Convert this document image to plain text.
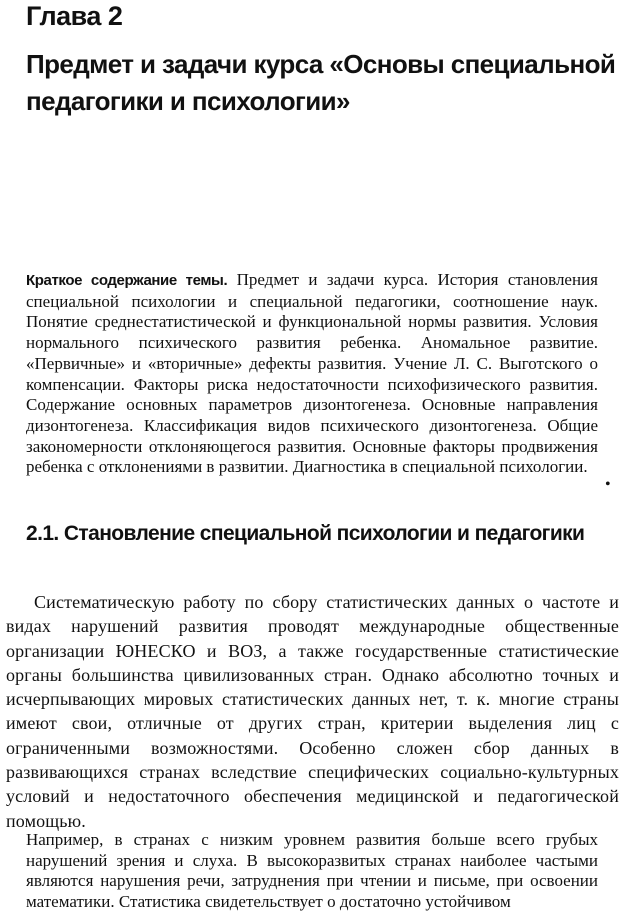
Глава 2
Предмет и задачи курса «Основы специальной педагогики и психологии»
Краткое содержание темы. Предмет и задачи курса. История становления специальной психологии и специальной педагогики, соотношение наук. Понятие среднестатистической и функциональной нормы развития. Условия нормального психического развития ребенка. Аномальное развитие. «Первичные» и «вторичные» дефекты развития. Учение Л. С. Выготского о компенсации. Факторы риска недостаточности психофизического развития. Содержание основных параметров дизонтогенеза. Основные направления дизонтогенеза. Классификация видов психического дизонтогенеза. Общие закономерности отклоняющегося развития. Основные факторы продвижения ребенка с отклонениями в развитии. Диагностика в специальной психологии.
•
2.1. Становление специальной психологии и педагогики
Систематическую работу по сбору статистических данных о частоте и видах нарушений развития проводят международные общественные организации ЮНЕСКО и ВОЗ, а также государственные статистические органы большинства цивилизованных стран. Однако абсолютно точных и исчерпывающих мировых статистических данных нет, т. к. многие страны имеют свои, отличные от других стран, критерии выделения лиц с ограниченными возможностями. Особенно сложен сбор данных в развивающихся странах вследствие специфических социально-культурных условий и недостаточного обеспечения медицинской и педагогической помощью.
Например, в странах с низким уровнем развития больше всего грубых нарушений зрения и слуха. В высокоразвитых странах наиболее частыми являются нарушения речи, затруднения при чтении и письме, при освоении математики. Статистика свидетельствует о достаточно устойчивом
